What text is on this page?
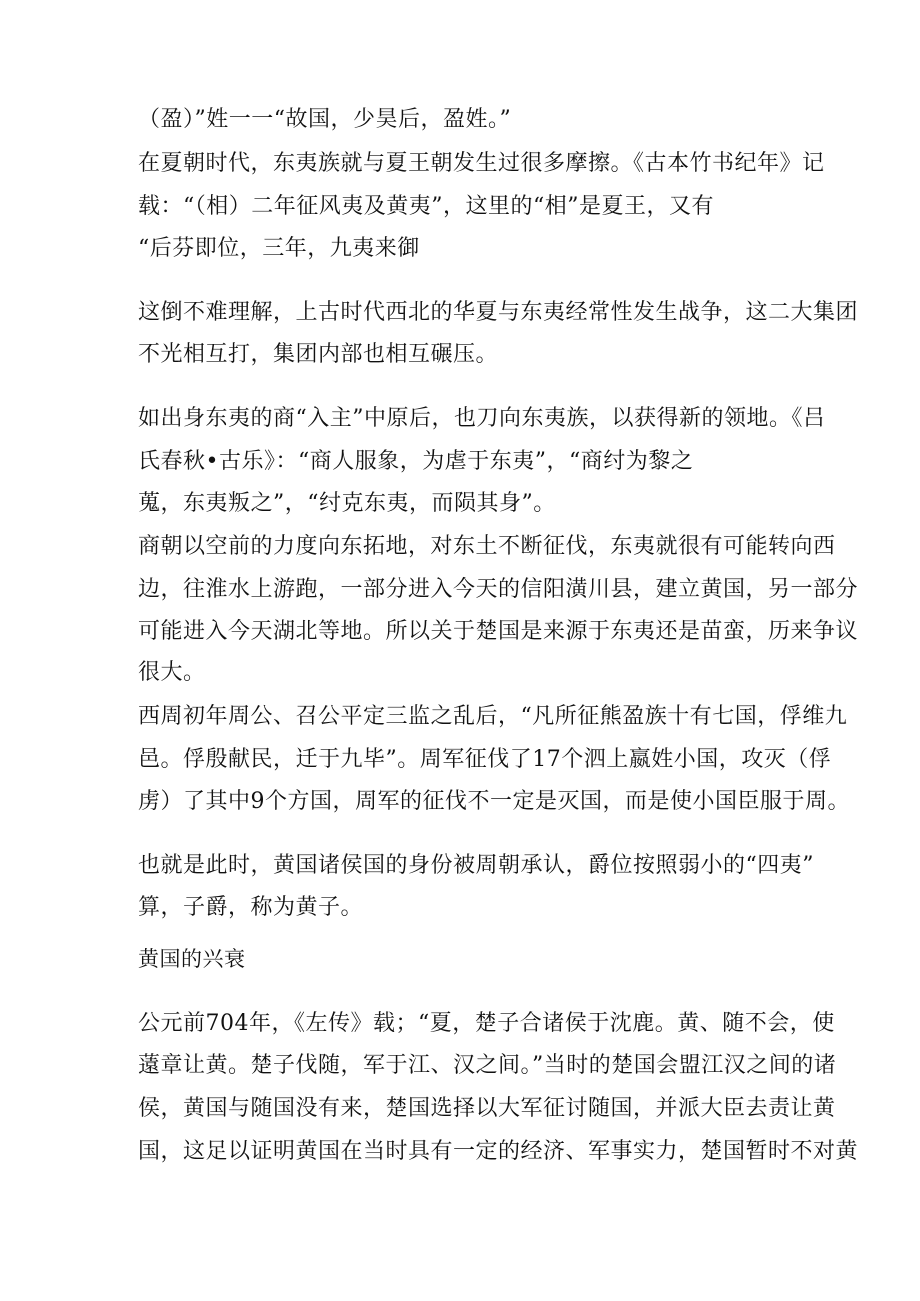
（盈）”姓一一“故国，少昊后，盈姓。”
在夏朝时代，东夷族就与夏王朝发生过很多摩擦。《古本竹书纪年》记
载：“（相）二年征风夷及黄夷”，这里的“相”是夏王，又有
“后芬即位，三年，九夷来御
这倒不难理解，上古时代西北的华夏与东夷经常性发生战争，这二大集团
不光相互打，集团内部也相互碾压。
如出身东夷的商“入主”中原后，也刀向东夷族，以获得新的领地。《吕
氏春秋•古乐》：“商人服象，为虐于东夷”，“商纣为黎之
蒐，东夷叛之”，“纣克东夷，而陨其身”。
商朝以空前的力度向东拓地，对东土不断征伐，东夷就很有可能转向西
边，往淮水上游跑，一部分进入今天的信阳潢川县，建立黄国，另一部分
可能进入今天湖北等地。所以关于楚国是来源于东夷还是苗蛮，历来争议
很大。
西周初年周公、召公平定三监之乱后，“凡所征熊盈族十有七国，俘维九
邑。俘殷献民，迁于九毕”。周军征伐了17个泗上嬴姓小国，攻灭（俘
虏）了其中9个方国，周军的征伐不一定是灭国，而是使小国臣服于周。
也就是此时，黄国诸侯国的身份被周朝承认，爵位按照弱小的“四夷”
算，子爵，称为黄子。
黄国的兴衰
公元前704年，《左传》载；“夏，楚子合诸侯于沈鹿。黄、随不会，使
薳章让黄。楚子伐随，军于江、汉之间。”当时的楚国会盟江汉之间的诸
侯，黄国与随国没有来，楚国选择以大军征讨随国，并派大臣去责让黄
国，这足以证明黄国在当时具有一定的经济、军事实力，楚国暂时不对黄
